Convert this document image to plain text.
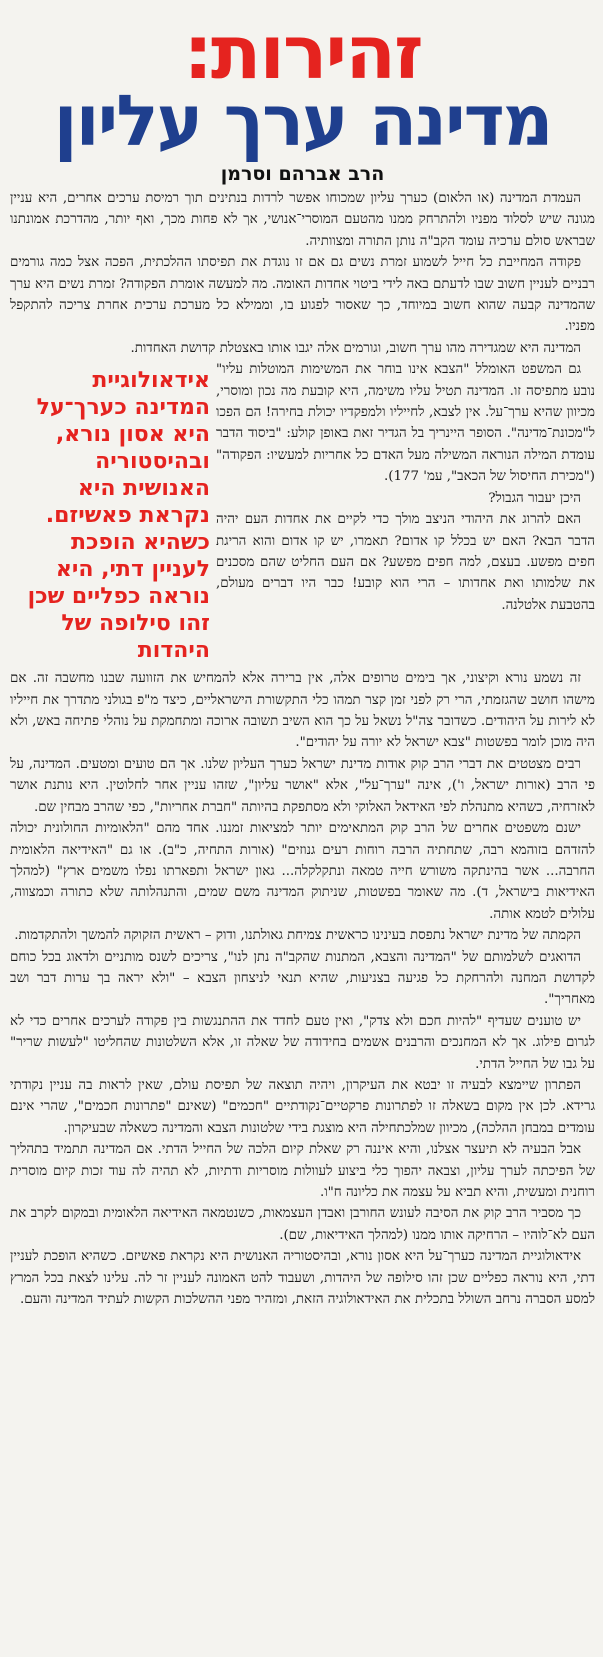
זהירות:
מדינה ערך עליון
הרב אברהם וסרמן

העמדת המדינה (או הלאום) כערך עליון שמכוחו אפשר לרדות בנתינים תוך רמיסת ערכים אחרים, היא עניין מגונה שיש לסלוד מפניו ולהתרחק ממנו מהטעם המוסרי־אנושי, אך לא פחות מכך, ואף יותר, מהדרכת אמונתנו שבראש סולם ערכיה עומד הקב"ה נותן התורה ומצוותיה.

פקודה המחייבת כל חייל לשמוע זמרת נשים גם אם זו נוגדת את תפיסתו ההלכתית, הפכה אצל כמה גורמים רבניים לעניין חשוב שבו לדעתם באה לידי ביטוי אחדות האומה. מה למעשה אומרת הפקודה? זמרת נשים היא ערך שהמדינה קבעה שהוא חשוב במיוחד, כך שאסור לפגוע בו, וממילא כל מערכת ערכית אחרת צריכה להתקפל מפניו.

המדינה היא שמגדירה מהו ערך חשוב, וגורמים אלה יגבו אותו באצטלת קדושת האחדות.

אידאולוגיית המדינה כערך־על היא אסון נורא, ובהיסטוריה האנושית היא נקראת פאשיזם. כשהיא הופכת לעניין דתי, היא נוראה כפליים שכן זהו סילופה של היהדות

גם המשפט האומלל "הצבא אינו בוחר את המשימות המוטלות עליו" נובע מתפיסה זו. המדינה תטיל עליו משימה, היא קובעת מה נכון ומוסרי, מכיוון שהיא ערך־על. אין לצבא, לחייליו ולמפקדיו יכולת בחירה! הם הפכו ל"מכונת־מדינה". הסופר היינריך בל הגדיר זאת באופן קולע: "ביסוד הדבר עומדת המילה הנוראה המשילה מעל האדם כל אחריות למעשיו: הפקודה" ("מכירת החיסול של הכאב", עמ' 177).

היכן יעבור הגבול?

האם להרוג את היהודי הניצב מולך כדי לקיים את אחדות העם יהיה הדבר הבא? האם יש בכלל קו אדום? תאמרו, יש קו אדום והוא הריגת חפים מפשע. בעצם, למה חפים מפשע? אם העם החליט שהם מסכנים את שלמותו ואת אחדותו – הרי הוא קובע! כבר היו דברים מעולם, בהטבעת אלטלנה.

זה נשמע נורא וקיצוני, אך בימים טרופים אלה, אין ברירה אלא להמחיש את הזוועה שבנו מחשבה זה. אם מישהו חושב שהגזמתי, הרי רק לפני זמן קצר תמהו כלי התקשורת הישראליים, כיצד מ"פ בגולני מתדרך את חייליו לא לירות על היהודים. כשדובר צה"ל נשאל על כך הוא השיב תשובה ארוכה ומתחמקת על נוהלי פתיחה באש, ולא היה מוכן לומר בפשטות "צבא ישראל לא יורה על יהודים".

רבים מצטטים את דברי הרב קוק אודות מדינת ישראל כערך העליון שלנו. אך הם טועים ומטעים. המדינה, על פי הרב (אורות ישראל, ו'), אינה "ערך־על", אלא "אושר עליון", שזהו עניין אחר לחלוטין. היא נותנת אושר לאזרחיה, כשהיא מתנהלת לפי האידאל האלוקי ולא מסתפקת בהיותה "חברת אחריות", כפי שהרב מבחין שם.

ישנם משפטים אחרים של הרב קוק המתאימים יותר למציאות זמננו. אחד מהם "הלאומיות החולונית יכולה להזדהם בזוהמא רבה, שתחתיה הרבה רוחות רעים גנוזים" (אורות התחיה, כ"ב). או גם "האידיאה הלאומית החרבה... אשר בהינתקה משורש חייה טמאה ונתקלקלה... גאון ישראל ותפארתו נפלו משמים ארץ" (למהלך האידיאות בישראל, ד). מה שאומר בפשטות, שניתוק המדינה משם שמים, והתנהלותה שלא כתורה וכמצווה, עלולים לטמא אותה.

הקמתה של מדינת ישראל נתפסת בעינינו כראשית צמיחת גאולתנו, ודוק – ראשית הזקוקה להמשך ולהתקדמות.

הדואגים לשלמותם של "המדינה והצבא, המתנות שהקב"ה נתן לנו", צריכים לשנס מותניים ולדאוג בכל כוחם לקדושת המחנה ולהרחקת כל פגיעה בצניעות, שהיא תנאי לניצחון הצבא – "ולא יראה בך ערות דבר ושב מאחריך".

יש טוענים שעדיף "להיות חכם ולא צדק", ואין טעם לחדד את ההתנגשות בין פקודה לערכים אחרים כדי לא לגרום פילוג. אך לא המחנכים והרבנים אשמים בחידודה של שאלה זו, אלא השלטונות שהחליטו "לעשות שריר" על גבו של החייל הדתי.

הפתרון שיימצא לבעיה זו יבטא את העיקרון, ויהיה תוצאה של תפיסת עולם, שאין לראות בה עניין נקודתי גרידא. לכן אין מקום בשאלה זו לפתרונות פרקטיים־נקודתיים "חכמים" (שאינם "פתרונות חכמים", שהרי אינם עומדים במבחן ההלכה), מכיוון שמלכתחילה היא מוצגת בידי שלטונות הצבא והמדינה כשאלה שבעיקרון.

אבל הבעיה לא תיעצר אצלנו, והיא איננה רק שאלת קיום הלכה של החייל הדתי. אם המדינה תתמיד בתהליך של הפיכתה לערך עליון, וצבאה יהפוך כלי ביצוע לעוולות מוסריות ודתיות, לא תהיה לה עוד זכות קיום מוסרית רוחנית ומעשית, והיא תביא על עצמה את כליונה ח"ו.

כך מסביר הרב קוק את הסיבה לעונש החורבן ואבדן העצמאות, כשנטמאה האידיאה הלאומית ובמקום לקרב את העם לא־לוהיו – הרחיקה אותו ממנו (למהלך האידיאות, שם).

אידאולוגיית המדינה כערך־על היא אסון נורא, ובהיסטוריה האנושית היא נקראת פאשיזם. כשהיא הופכת לעניין דתי, היא נוראה כפליים שכן זהו סילופה של היהדות, ושעבוד להט האמונה לעניין זר לה. עלינו לצאת בכל המרץ למסע הסברה נרחב השולל בתכלית את האידאולוגיה הזאת, ומזהיר מפני ההשלכות הקשות לעתיד המדינה והעם.
